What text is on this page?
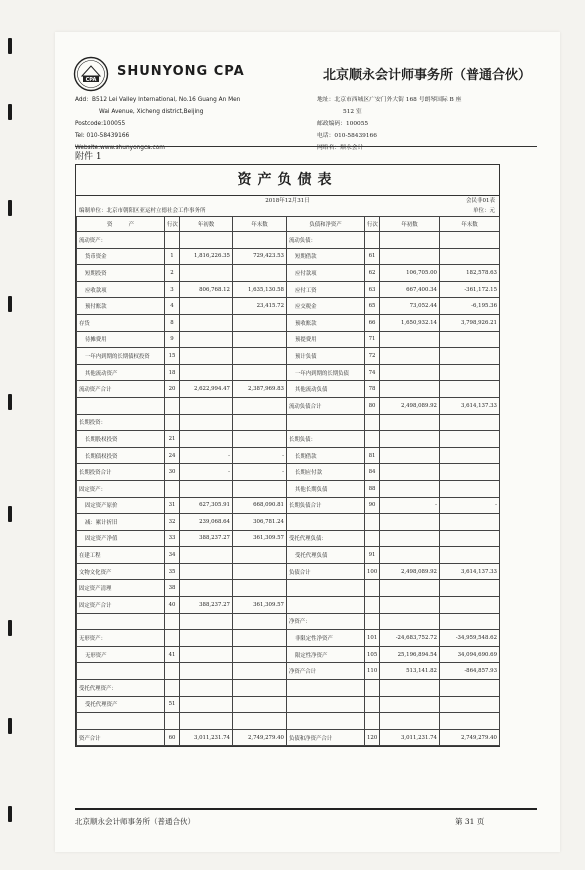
CPA
SHUNYONG CPA	北京顺永会计师事务所（普通合伙）
Add：B512 Lei Valley International, No.16 Guang An Men
Wai Avenue, Xicheng district,Beijing
Postcode:100055
Tel: 010-58439166
Website:www.shunyongca.com
地址：北京市西城区广安门外大街 168 号朗琴国际 B 座
512 室
邮政编码：100055
电话：010-58439166
网络名：顺永会计
附件 1
资产负债表
2018年12月31日	会民非01表
编制单位：北京市朝阳区亚运村立德社会工作事务所	单位：元
资　　　产	行次	年初数	年末数	负债和净资产	行次	年初数	年末数
流动资产：				流动负债：			
货币资金	1	1,816,226.35	729,423.53	短期借款	61		
短期投资	2			应付款项	62	106,705.00	182,578.63
应收款项	3	806,768.12	1,635,130.58	应付工资	63	667,400.34	-361,172.15
预付账款	4		23,415.72	应交税金	65	73,052.44	-6,195.36
存货	8			预收账款	66	1,650,932.14	3,798,926.21
待摊费用	9			预提费用	71		
一年内到期的长期债权投资	15			预计负债	72		
其他流动资产	18			一年内到期的长期负债	74		
流动资产合计	20	2,622,994.47	2,387,969.83	其他流动负债	78		
				流动负债合计	80	2,498,089.92	3,614,137.33
长期投资：							
长期股权投资	21			长期负债：			
长期债权投资	24	-	-	长期借款	81		
长期投资合计	30	-	-	长期应付款	84		
固定资产：				其他长期负债	88		
固定资产原价	31	627,305.91	668,090.81	长期负债合计	90	-	-
减：累计折旧	32	239,068.64	306,781.24				
固定资产净值	33	388,237.27	361,309.57	受托代理负债：			
在建工程	34			受托代理负债	91		
文物文化资产	35			负债合计	100	2,498,089.92	3,614,137.33
固定资产清理	38						
固定资产合计	40	388,237.27	361,309.57				
				净资产：			
无形资产：				非限定性净资产	101	-24,683,752.72	-34,959,548.62
无形资产	41			限定性净资产	105	25,196,894.54	34,094,690.69
				净资产合计	110	513,141.82	-864,857.93
受托代理资产：							
受托代理资产	51						

资产合计	60	3,011,231.74	2,749,279.40	负债和净资产合计	120	3,011,231.74	2,749,279.40
北京顺永会计师事务所（普通合伙）	第 31 页
